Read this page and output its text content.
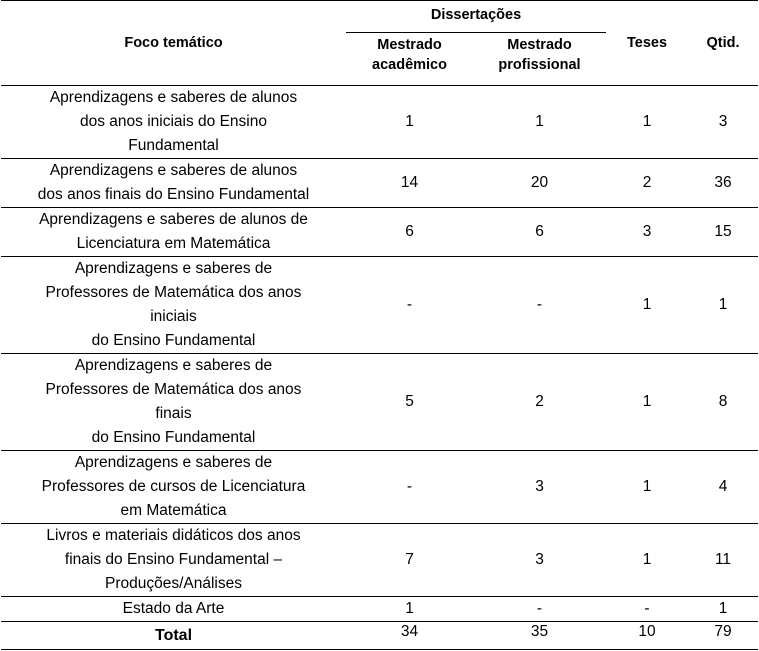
Foco temático	Dissertações		Teses	Qtid.
	Mestrado acadêmico	Mestrado profissional		

Aprendizagens e saberes de alunos
dos anos iniciais do Ensino
Fundamental	1	1	1	3

Aprendizagens e saberes de alunos
dos anos finais do Ensino Fundamental	14	20	2	36

Aprendizagens e saberes de alunos de
Licenciatura em Matemática	6	6	3	15

Aprendizagens e saberes de
Professores de Matemática dos anos
iniciais
do Ensino Fundamental	-	-	1	1

Aprendizagens e saberes de
Professores de Matemática dos anos
finais
do Ensino Fundamental	5	2	1	8

Aprendizagens e saberes de
Professores de cursos de Licenciatura
em Matemática	-	3	1	4

Livros e materiais didáticos dos anos
finais do Ensino Fundamental –
Produções/Análises	7	3	1	11

Estado da Arte	1	-	-	1
Total	34	35	10	79
